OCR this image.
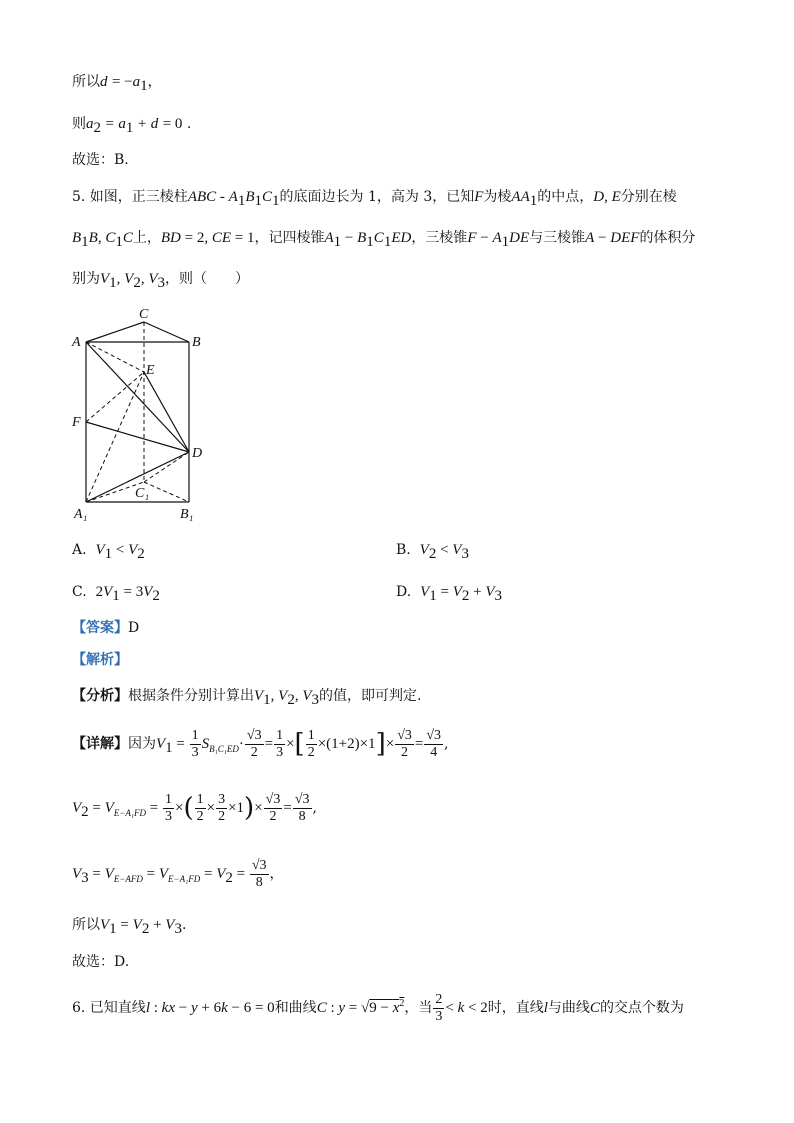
所以$d = -a_1$，
则$a_2 = a_1 + d = 0$ .
故选：B.
5. 如图，正三棱柱ABC - $A_1B_1C_1$的底面边长为 1，高为 3，已知F为棱$AA_1$的中点，D, E分别在棱
$B_1B$, $C_1C$上，BD = 2, CE = 1，记四棱锥$A_1 - B_1C_1ED$，三棱锥$F - A_1DE$与三棱锥A − DEF的体积分
别为$V_1$, $V_2$, $V_3$，则（　　）
C
A	B
E
F
D
C₁
A₁	B₁
A. $V_1 < V_2$	B. $V_2 < V_3$
C. $2V_1 = 3V_2$	D. $V_1 = V_2 + V_3$
【答案】D
【解析】
【分析】根据条件分别计算出$V_1$, $V_2$, $V_3$的值，即可判定.
【详解】因为$V_1 = \frac{1}{3} S_{B_1C_1ED}\cdot \frac{√3}{2} = \frac{1}{3}$ ×[ $\frac{1}{2} \times(1+2)\times 1]\times \frac{√3}{2} = \frac{√3}{4}$ ,
$V_2 = V_{E-A_1FD} = \frac{1}{3}$ ×( $\frac{1}{2} \times \frac{3}{2} \times 1)\times \frac{√3}{2} = \frac{√3}{8}$ ,
$V_3 = V_{E-AFD} = V_{E-A_1FD} = V_2 = \frac{√3}{8}$ ，
所以$V_1 = V_2 + V_3$.
故选：D.
6. 已知直线l : kx − y + 6k − 6 = 0和曲线C : $y = √9 - x^2$，当 $\frac{2}{3} < k < 2$时，直线l与曲线C的交点个数为
